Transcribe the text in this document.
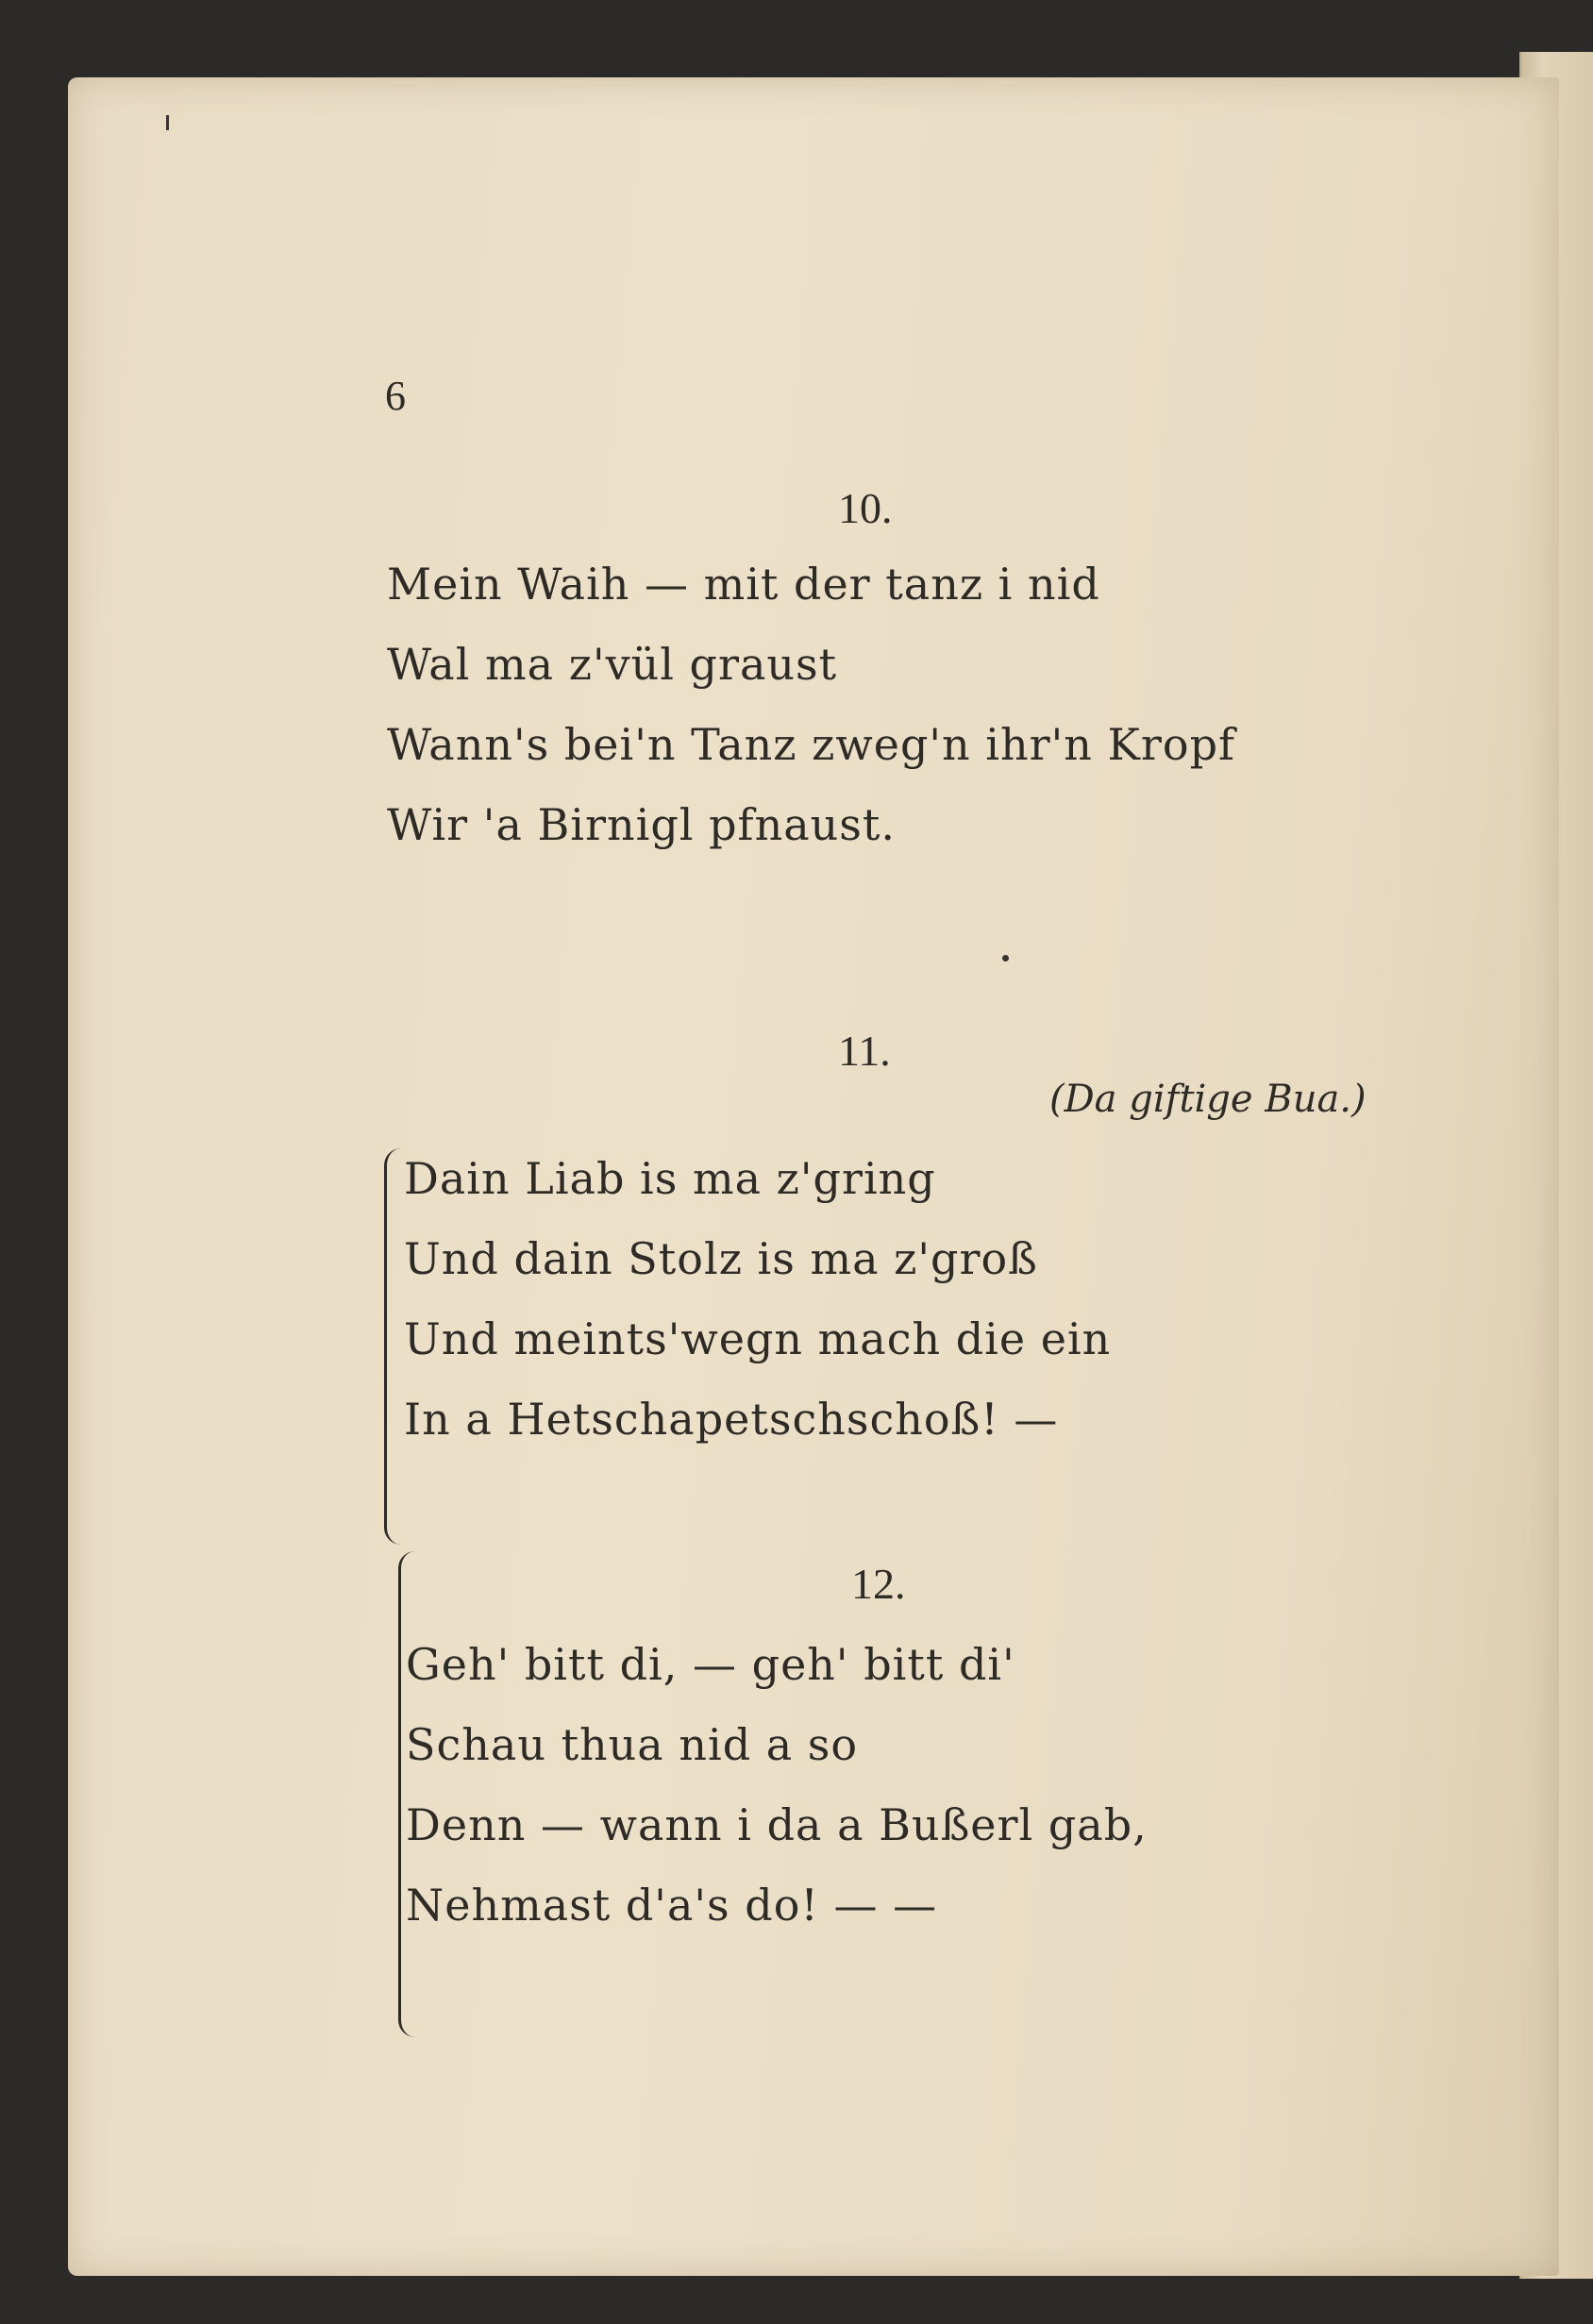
6
10.
Mein Waih — mit der tanz i nid
Wal ma z'vül graust
Wann's bei'n Tanz zweg'n ihr'n Kropf
Wir 'a Birnigl pfnaust.
11.
(Da giftige Bua.)
Dain Liab is ma z'gring
Und dain Stolz is ma z'groß
Und meints'wegn mach die ein
In a Hetschapetschschoß! —
12.
Geh' bitt di, — geh' bitt di'
Schau thua nid a so
Denn — wann i da a Bußerl gab,
Nehmast d'a's do! — —
